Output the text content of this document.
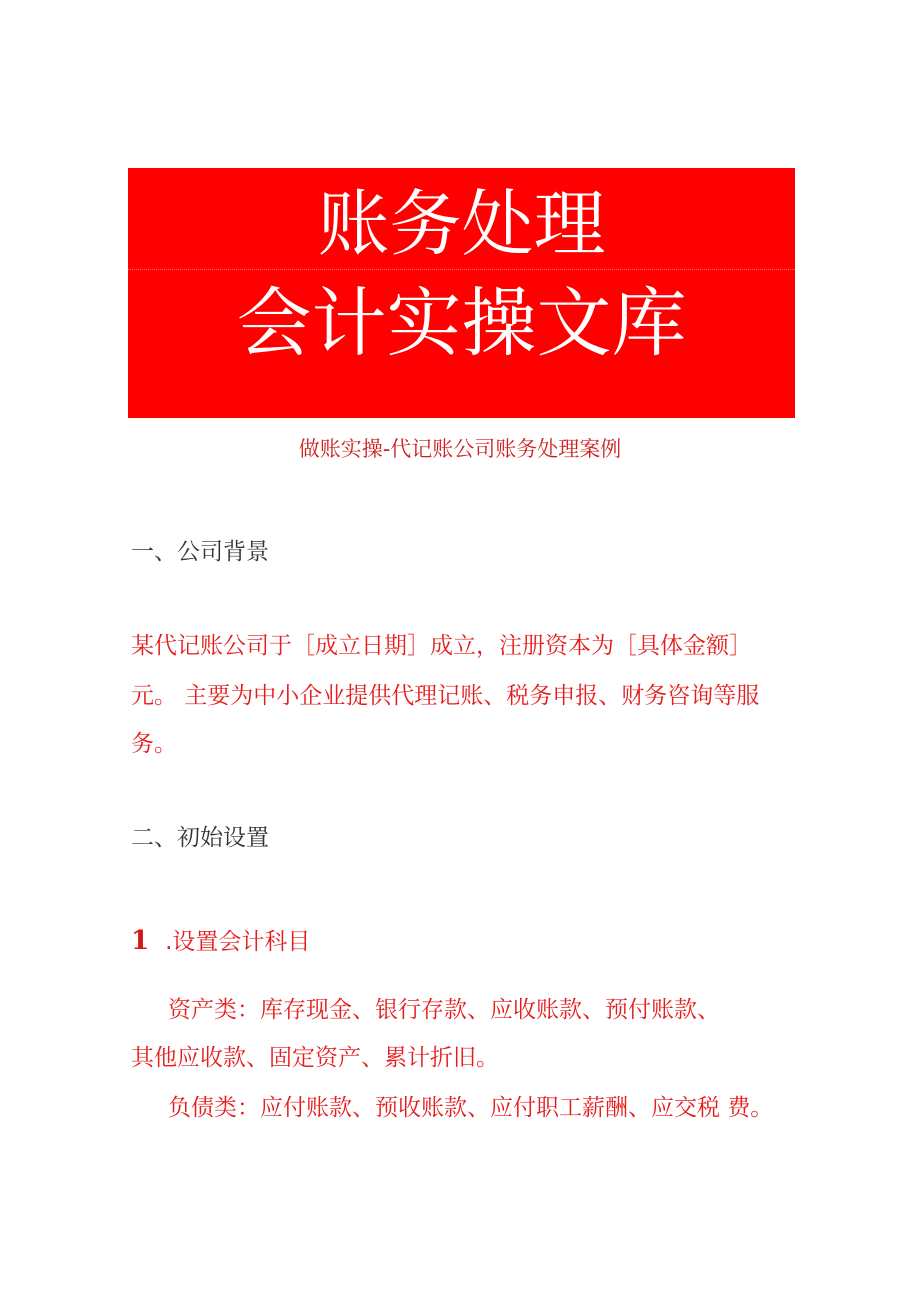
账务处理
会计实操文库

做账实操-代记账公司账务处理案例

一、公司背景

某代记账公司于［成立日期］成立，注册资本为［具体金额］

元。 主要为中小企业提供代理记账、税务申报、财务咨询等服

务。

二、初始设置

1 .设置会计科目

资产类：库存现金、银行存款、应收账款、预付账款、

其他应收款、固定资产、累计折旧。

负债类：应付账款、预收账款、应付职工薪酬、应交税 费。
